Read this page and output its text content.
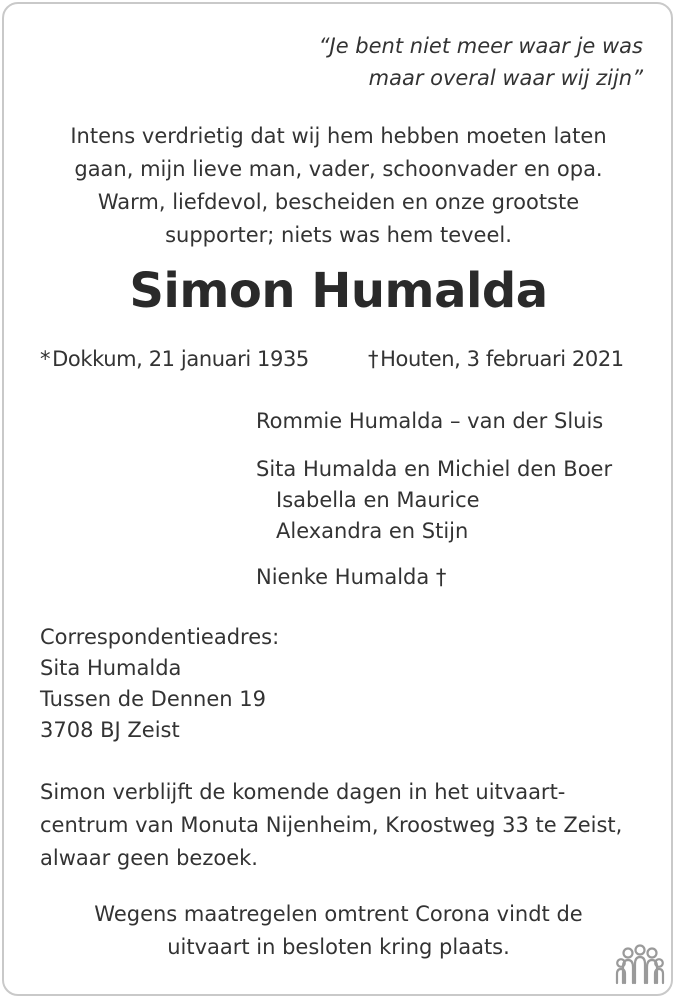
“Je bent niet meer waar je was
maar overal waar wij zijn”
Intens verdrietig dat wij hem hebben moeten laten
gaan, mijn lieve man, vader, schoonvader en opa.
Warm, liefdevol, bescheiden en onze grootste
supporter; niets was hem teveel.
Simon Humalda
*Dokkum, 21 januari 1935	†Houten, 3 februari 2021
Rommie Humalda – van der Sluis
Sita Humalda en Michiel den Boer
Isabella en Maurice
Alexandra en Stijn
Nienke Humalda †
Correspondentieadres:
Sita Humalda
Tussen de Dennen 19
3708 BJ Zeist
Simon verblijft de komende dagen in het uitvaart-
centrum van Monuta Nijenheim, Kroostweg 33 te Zeist,
alwaar geen bezoek.
Wegens maatregelen omtrent Corona vindt de
uitvaart in besloten kring plaats.
